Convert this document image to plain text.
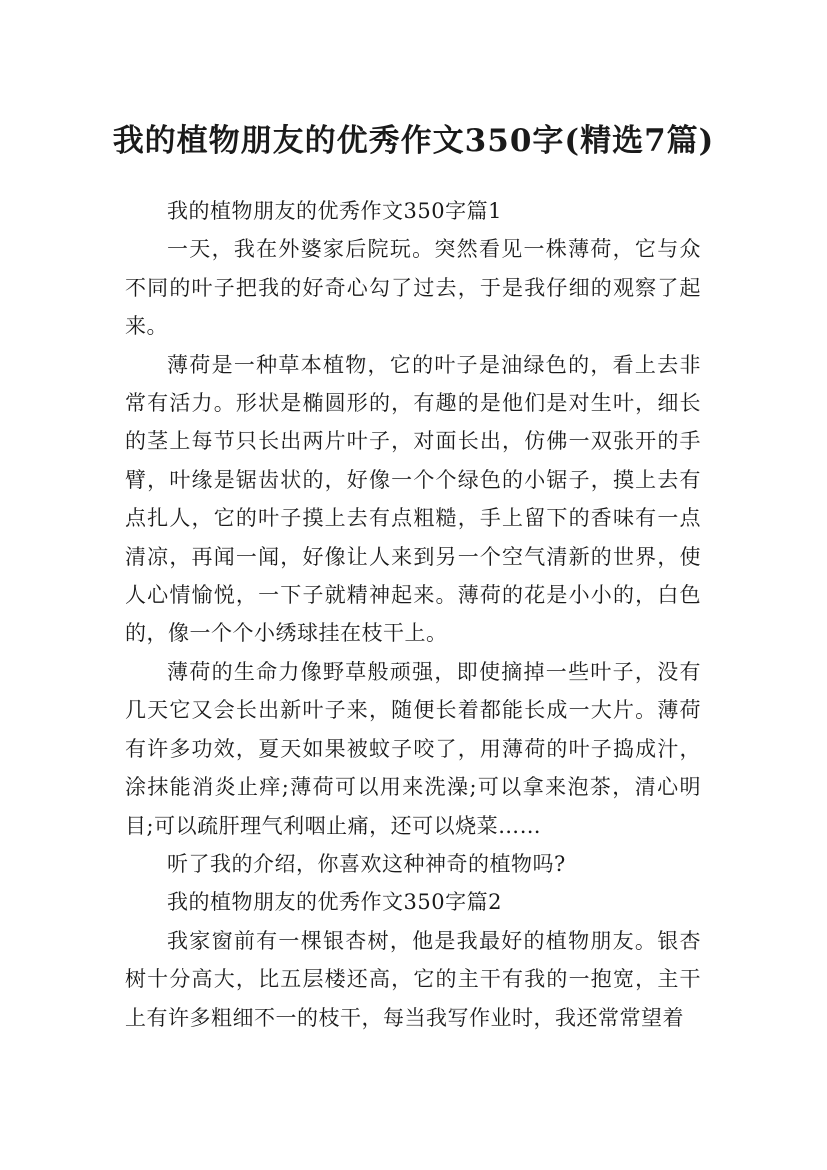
我的植物朋友的优秀作文350字(精选7篇)

我的植物朋友的优秀作文350字篇1

一天，我在外婆家后院玩。突然看见一株薄荷，它与众不同的叶子把我的好奇心勾了过去，于是我仔细的观察了起来。

薄荷是一种草本植物，它的叶子是油绿色的，看上去非常有活力。形状是椭圆形的，有趣的是他们是对生叶，细长的茎上每节只长出两片叶子，对面长出，仿佛一双张开的手臂，叶缘是锯齿状的，好像一个个绿色的小锯子，摸上去有点扎人，它的叶子摸上去有点粗糙，手上留下的香味有一点清凉，再闻一闻，好像让人来到另一个空气清新的世界，使人心情愉悦，一下子就精神起来。薄荷的花是小小的，白色的，像一个个小绣球挂在枝干上。

薄荷的生命力像野草般顽强，即使摘掉一些叶子，没有几天它又会长出新叶子来，随便长着都能长成一大片。薄荷有许多功效，夏天如果被蚊子咬了，用薄荷的叶子捣成汁，涂抹能消炎止痒;薄荷可以用来洗澡;可以拿来泡茶，清心明目;可以疏肝理气利咽止痛，还可以烧菜……

听了我的介绍，你喜欢这种神奇的植物吗?

我的植物朋友的优秀作文350字篇2

我家窗前有一棵银杏树，他是我最好的植物朋友。银杏树十分高大，比五层楼还高，它的主干有我的一抱宽，主干上有许多粗细不一的枝干，每当我写作业时，我还常常望着
